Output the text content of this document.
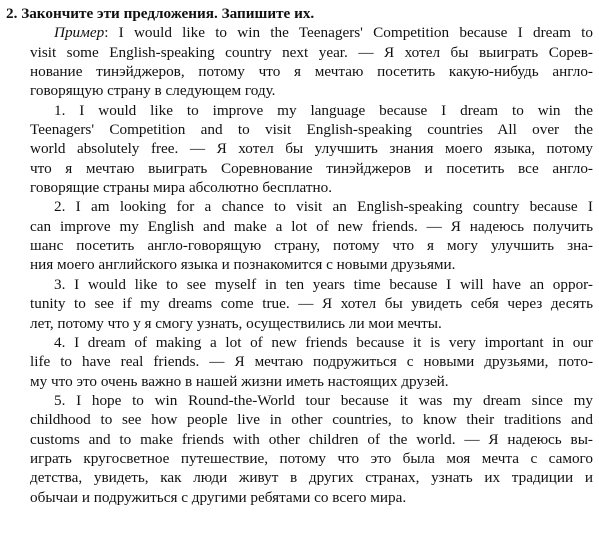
2. Закончите эти предложения. Запишите их.
Пример: I would like to win the Teenagers' Competition because I dream to
visit some English-speaking country next year. — Я хотел бы выиграть Сорев-
нование тинэйджеров, потому что я мечтаю посетить какую-нибудь англо-
говорящую страну в следующем году.
1. I would like to improve my language because I dream to win the
Teenagers' Competition and to visit English-speaking countries All over the
world absolutely free. — Я хотел бы улучшить знания моего языка, потому
что я мечтаю выиграть Соревнование тинэйджеров и посетить все англо-
говорящие страны мира абсолютно бесплатно.
2. I am looking for a chance to visit an English-speaking country because I
can improve my English and make a lot of new friends. — Я надеюсь получить
шанс посетить англо-говорящую страну, потому что я могу улучшить зна-
ния моего английского языка и познакомится с новыми друзьями.
3. I would like to see myself in ten years time because I will have an oppor-
tunity to see if my dreams come true. — Я хотел бы увидеть себя через десять
лет, потому что у я смогу узнать, осуществились ли мои мечты.
4. I dream of making a lot of new friends because it is very important in our
life to have real friends. — Я мечтаю подружиться с новыми друзьями, пото-
му что это очень важно в нашей жизни иметь настоящих друзей.
5. I hope to win Round-the-World tour because it was my dream since my
childhood to see how people live in other countries, to know their traditions and
customs and to make friends with other children of the world. — Я надеюсь вы-
играть кругосветное путешествие, потому что это была моя мечта с самого
детства, увидеть, как люди живут в других странах, узнать их традиции и
обычаи и подружиться с другими ребятами со всего мира.
